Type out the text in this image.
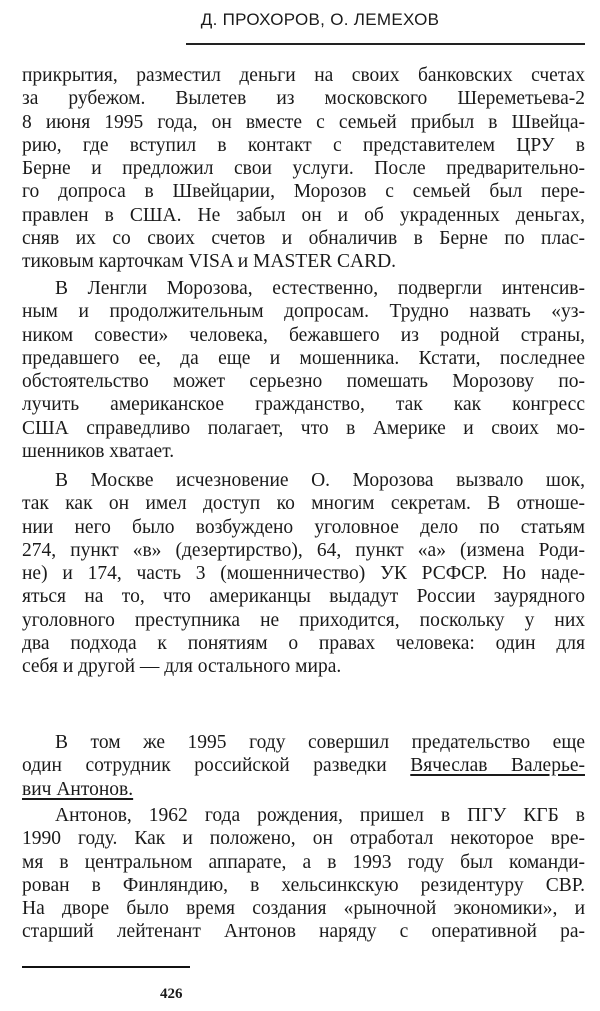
Д. ПРОХОРОВ, О. ЛЕМЕХОВ
прикрытия, разместил деньги на своих банковских счетах
за рубежом. Вылетев из московского Шереметьева-2
8 июня 1995 года, он вместе с семьей прибыл в Швейца-
рию, где вступил в контакт с представителем ЦРУ в
Берне и предложил свои услуги. После предварительно-
го допроса в Швейцарии, Морозов с семьей был пере-
правлен в США. Не забыл он и об украденных деньгах,
сняв их со своих счетов и обналичив в Берне по плас-
тиковым карточкам VISA и MASTER CARD.
В Ленгли Морозова, естественно, подвергли интенсив-
ным и продолжительным допросам. Трудно назвать «уз-
ником совести» человека, бежавшего из родной страны,
предавшего ее, да еще и мошенника. Кстати, последнее
обстоятельство может серьезно помешать Морозову по-
лучить американское гражданство, так как конгресс
США справедливо полагает, что в Америке и своих мо-
шенников хватает.
В Москве исчезновение О. Морозова вызвало шок,
так как он имел доступ ко многим секретам. В отноше-
нии него было возбуждено уголовное дело по статьям
274, пункт «в» (дезертирство), 64, пункт «а» (измена Роди-
не) и 174, часть 3 (мошенничество) УК РСФСР. Но наде-
яться на то, что американцы выдадут России заурядного
уголовного преступника не приходится, поскольку у них
два подхода к понятиям о правах человека: один для
себя и другой — для остального мира.
В том же 1995 году совершил предательство еще
один сотрудник российской разведки Вячеслав Валерье-
вич Антонов.
Антонов, 1962 года рождения, пришел в ПГУ КГБ в
1990 году. Как и положено, он отработал некоторое вре-
мя в центральном аппарате, а в 1993 году был команди-
рован в Финляндию, в хельсинкскую резидентуру СВР.
На дворе было время создания «рыночной экономики», и
старший лейтенант Антонов наряду с оперативной ра-
426
